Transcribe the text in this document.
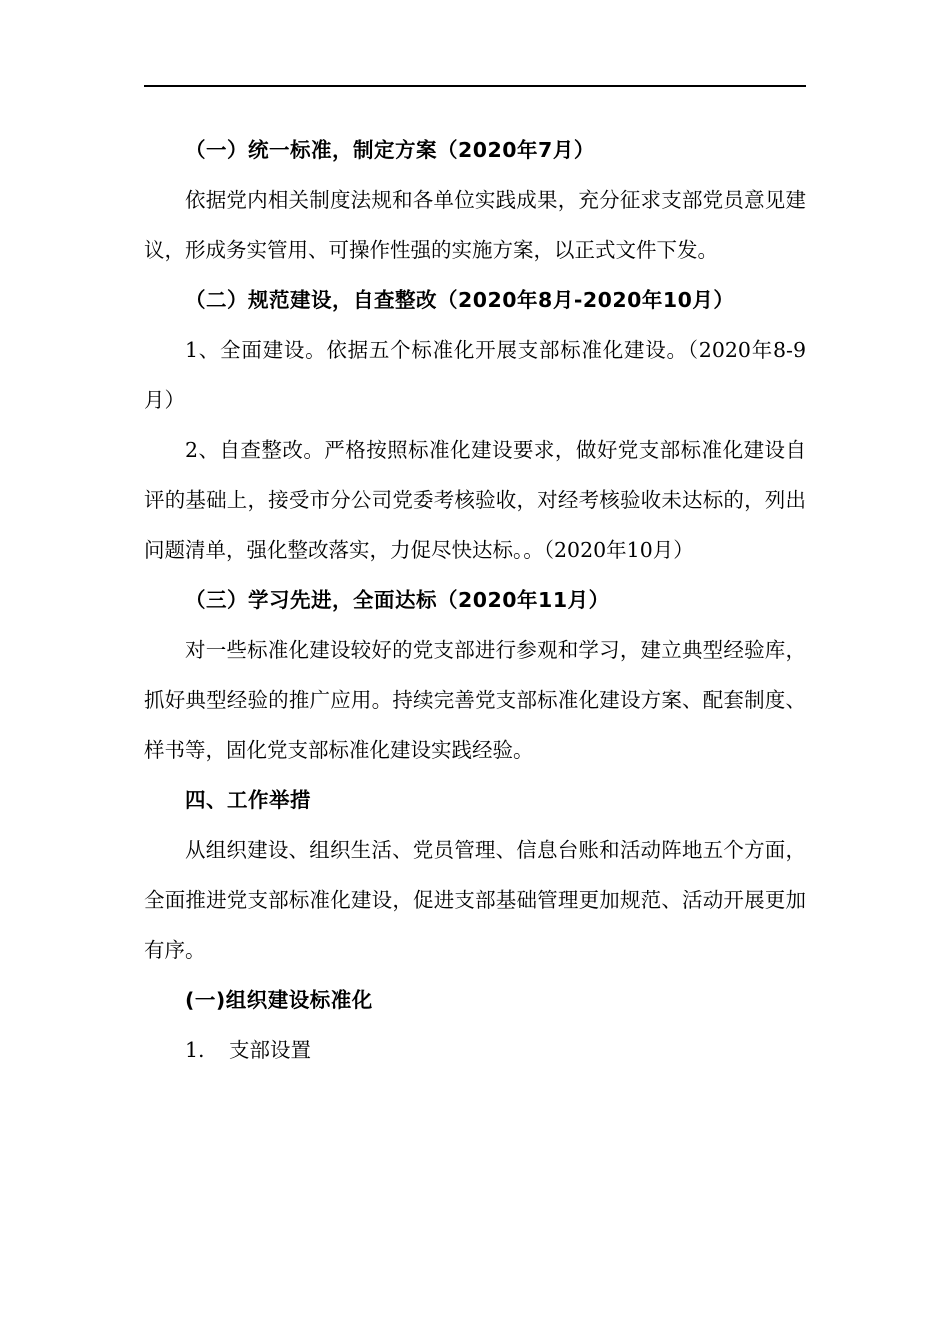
（一）统一标准，制定方案（2020年7月）

依据党内相关制度法规和各单位实践成果，充分征求支部党员意见建议，形成务实管用、可操作性强的实施方案，以正式文件下发。

（二）规范建设，自查整改（2020年8月-2020年10月）

1、全面建设。依据五个标准化开展支部标准化建设。（2020年8-9月）

2、自查整改。严格按照标准化建设要求，做好党支部标准化建设自评的基础上，接受市分公司党委考核验收，对经考核验收未达标的，列出问题清单，强化整改落实，力促尽快达标。。（2020年10月）

（三）学习先进，全面达标（2020年11月）

对一些标准化建设较好的党支部进行参观和学习，建立典型经验库，抓好典型经验的推广应用。持续完善党支部标准化建设方案、配套制度、样书等，固化党支部标准化建设实践经验。

四、工作举措

从组织建设、组织生活、党员管理、信息台账和活动阵地五个方面，全面推进党支部标准化建设，促进支部基础管理更加规范、活动开展更加有序。

(一)组织建设标准化

1. 支部设置
